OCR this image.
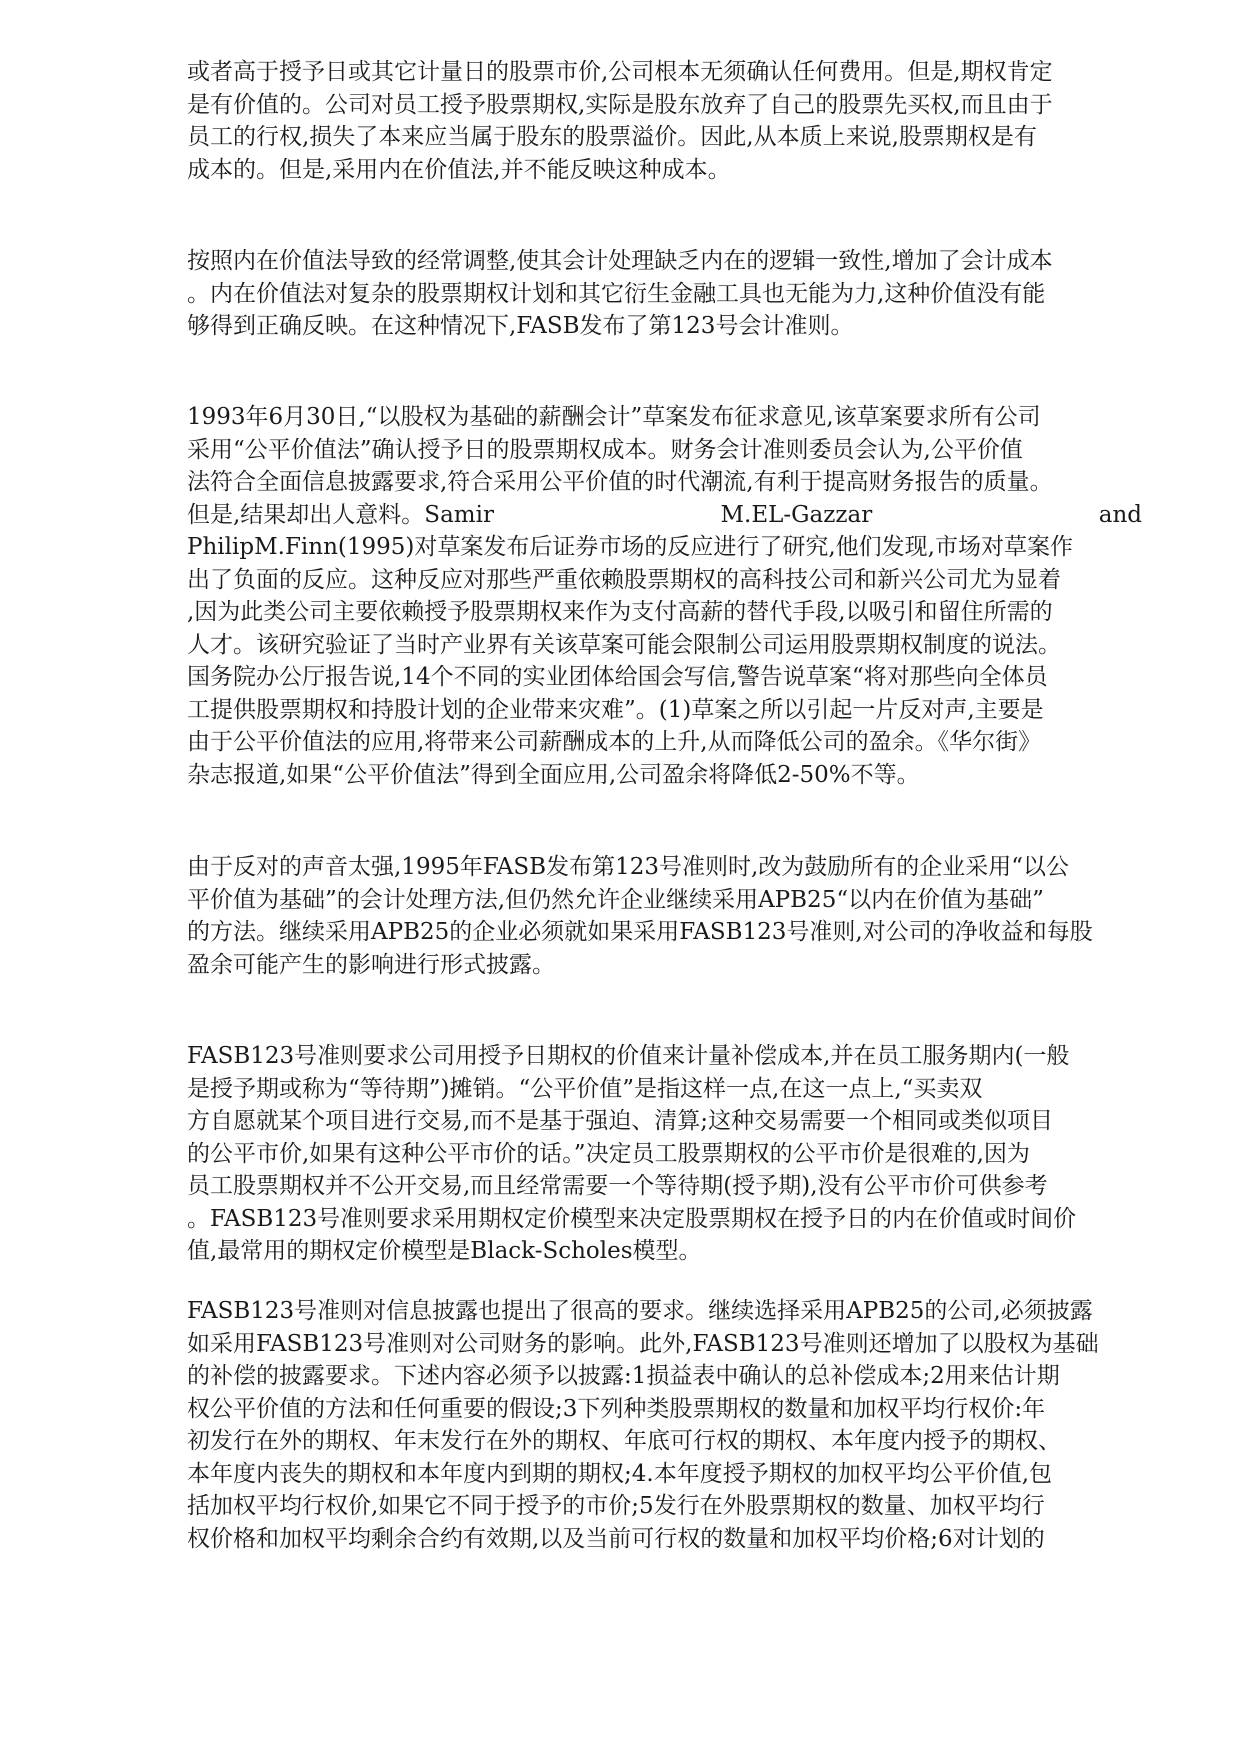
或者高于授予日或其它计量日的股票市价,公司根本无须确认任何费用。但是,期权肯定
是有价值的。公司对员工授予股票期权,实际是股东放弃了自己的股票先买权,而且由于
员工的行权,损失了本来应当属于股东的股票溢价。因此,从本质上来说,股票期权是有
成本的。但是,采用内在价值法,并不能反映这种成本。
按照内在价值法导致的经常调整,使其会计处理缺乏内在的逻辑一致性,增加了会计成本
。内在价值法对复杂的股票期权计划和其它衍生金融工具也无能为力,这种价值没有能
够得到正确反映。在这种情况下,FASB发布了第123号会计准则。
1993年6月30日,“以股权为基础的薪酬会计”草案发布征求意见,该草案要求所有公司
采用“公平价值法”确认授予日的股票期权成本。财务会计准则委员会认为,公平价值
法符合全面信息披露要求,符合采用公平价值的时代潮流,有利于提高财务报告的质量。
但是,结果却出人意料。Samir	M.EL-Gazzar	and
PhilipM.Finn(1995)对草案发布后证券市场的反应进行了研究,他们发现,市场对草案作
出了负面的反应。这种反应对那些严重依赖股票期权的高科技公司和新兴公司尤为显着
,因为此类公司主要依赖授予股票期权来作为支付高薪的替代手段,以吸引和留住所需的
人才。该研究验证了当时产业界有关该草案可能会限制公司运用股票期权制度的说法。
国务院办公厅报告说,14个不同的实业团体给国会写信,警告说草案“将对那些向全体员
工提供股票期权和持股计划的企业带来灾难”。(1)草案之所以引起一片反对声,主要是
由于公平价值法的应用,将带来公司薪酬成本的上升,从而降低公司的盈余。《华尔街》
杂志报道,如果“公平价值法”得到全面应用,公司盈余将降低2-50%不等。
由于反对的声音太强,1995年FASB发布第123号准则时,改为鼓励所有的企业采用“以公
平价值为基础”的会计处理方法,但仍然允许企业继续采用APB25“以内在价值为基础”
的方法。继续采用APB25的企业必须就如果采用FASB123号准则,对公司的净收益和每股
盈余可能产生的影响进行形式披露。
FASB123号准则要求公司用授予日期权的价值来计量补偿成本,并在员工服务期内(一般
是授予期或称为“等待期”)摊销。“公平价值”是指这样一点,在这一点上,“买卖双
方自愿就某个项目进行交易,而不是基于强迫、清算;这种交易需要一个相同或类似项目
的公平市价,如果有这种公平市价的话。”决定员工股票期权的公平市价是很难的,因为
员工股票期权并不公开交易,而且经常需要一个等待期(授予期),没有公平市价可供参考
。FASB123号准则要求采用期权定价模型来决定股票期权在授予日的内在价值或时间价
值,最常用的期权定价模型是Black-Scholes模型。
FASB123号准则对信息披露也提出了很高的要求。继续选择采用APB25的公司,必须披露
如采用FASB123号准则对公司财务的影响。此外,FASB123号准则还增加了以股权为基础
的补偿的披露要求。下述内容必须予以披露:1损益表中确认的总补偿成本;2用来估计期
权公平价值的方法和任何重要的假设;3下列种类股票期权的数量和加权平均行权价:年
初发行在外的期权、年末发行在外的期权、年底可行权的期权、本年度内授予的期权、
本年度内丧失的期权和本年度内到期的期权;4.本年度授予期权的加权平均公平价值,包
括加权平均行权价,如果它不同于授予的市价;5发行在外股票期权的数量、加权平均行
权价格和加权平均剩余合约有效期,以及当前可行权的数量和加权平均价格;6对计划的
